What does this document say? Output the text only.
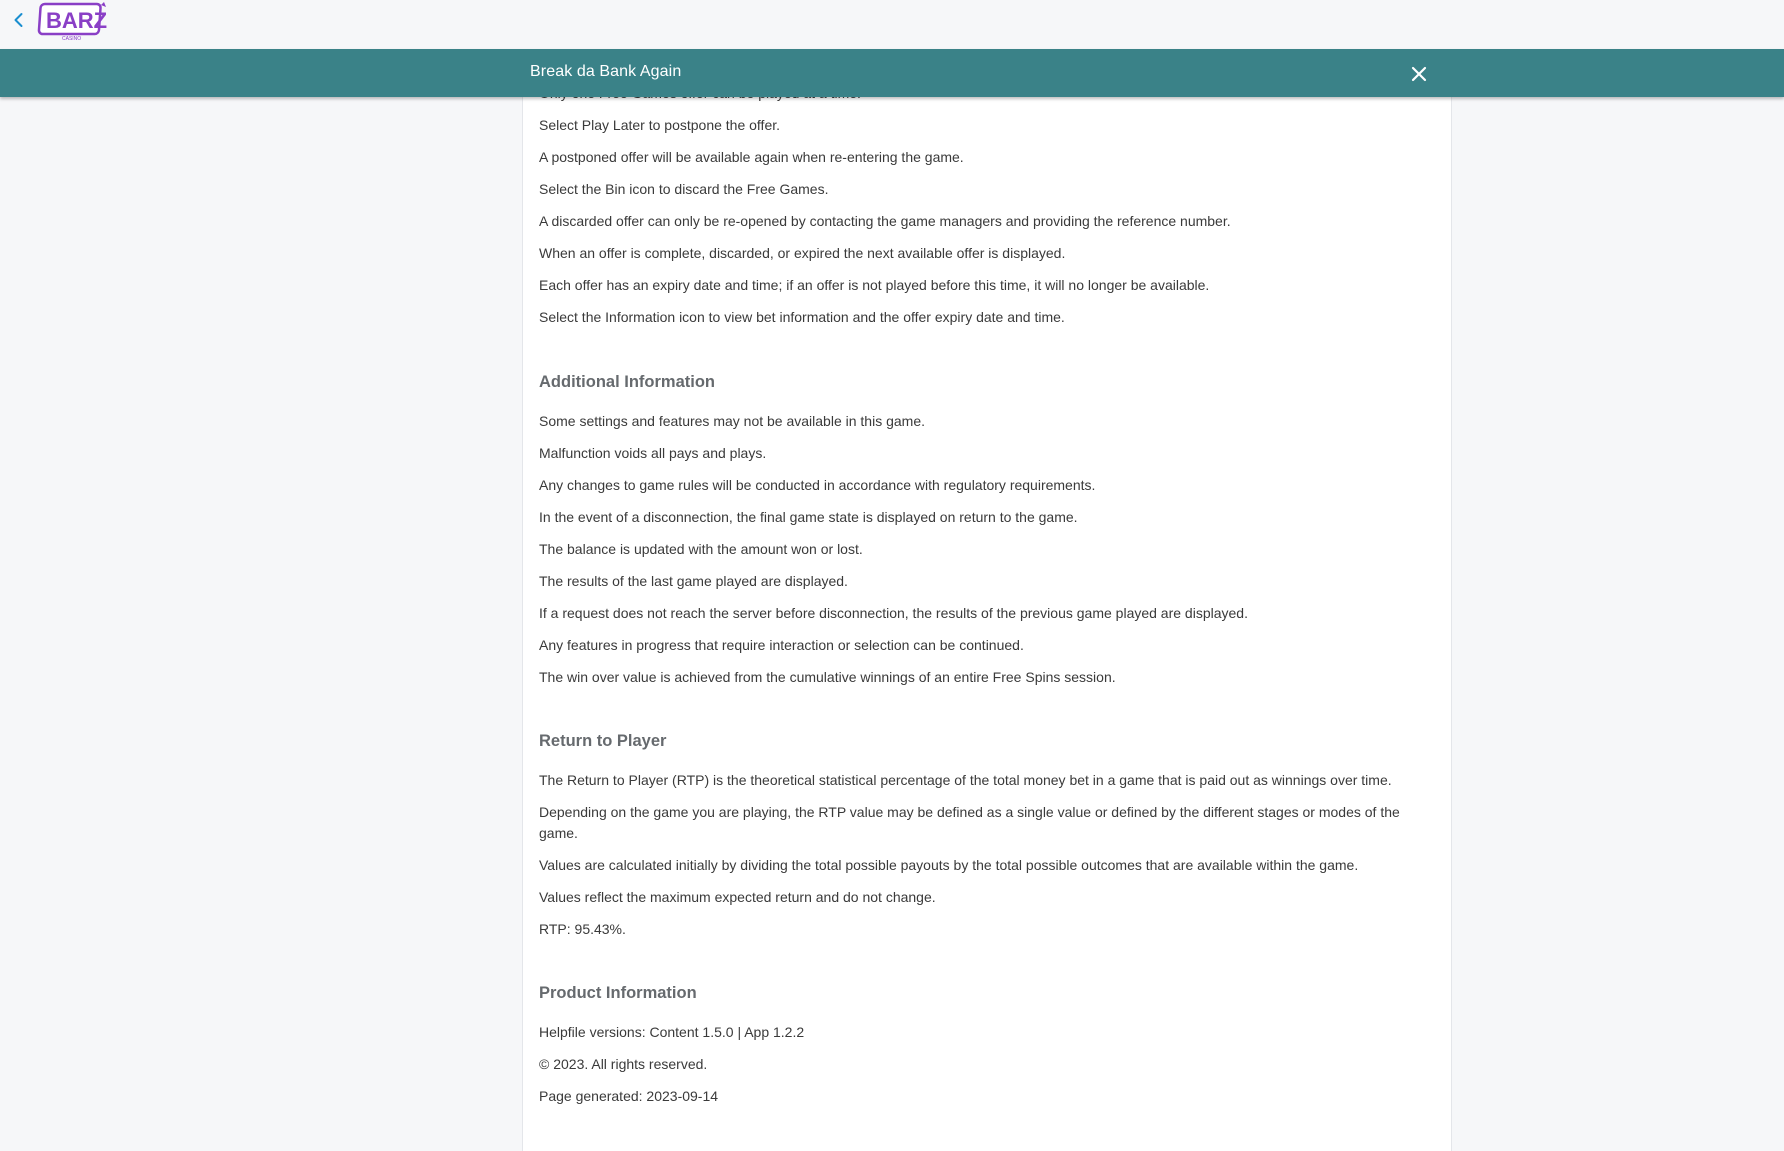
BARZ
CASINO
Break da Bank Again

Select Play Later to postpone the offer.

A postponed offer will be available again when re-entering the game.

Select the Bin icon to discard the Free Games.

A discarded offer can only be re-opened by contacting the game managers and providing the reference number.

When an offer is complete, discarded, or expired the next available offer is displayed.

Each offer has an expiry date and time; if an offer is not played before this time, it will no longer be available.

Select the Information icon to view bet information and the offer expiry date and time.

Additional Information

Some settings and features may not be available in this game.

Malfunction voids all pays and plays.

Any changes to game rules will be conducted in accordance with regulatory requirements.

In the event of a disconnection, the final game state is displayed on return to the game.

The balance is updated with the amount won or lost.

The results of the last game played are displayed.

If a request does not reach the server before disconnection, the results of the previous game played are displayed.

Any features in progress that require interaction or selection can be continued.

The win over value is achieved from the cumulative winnings of an entire Free Spins session.

Return to Player

The Return to Player (RTP) is the theoretical statistical percentage of the total money bet in a game that is paid out as winnings over time.

Depending on the game you are playing, the RTP value may be defined as a single value or defined by the different stages or modes of the game.

Values are calculated initially by dividing the total possible payouts by the total possible outcomes that are available within the game.

Values reflect the maximum expected return and do not change.

RTP: 95.43%.

Product Information

Helpfile versions: Content 1.5.0 | App 1.2.2

© 2023. All rights reserved.

Page generated: 2023-09-14
